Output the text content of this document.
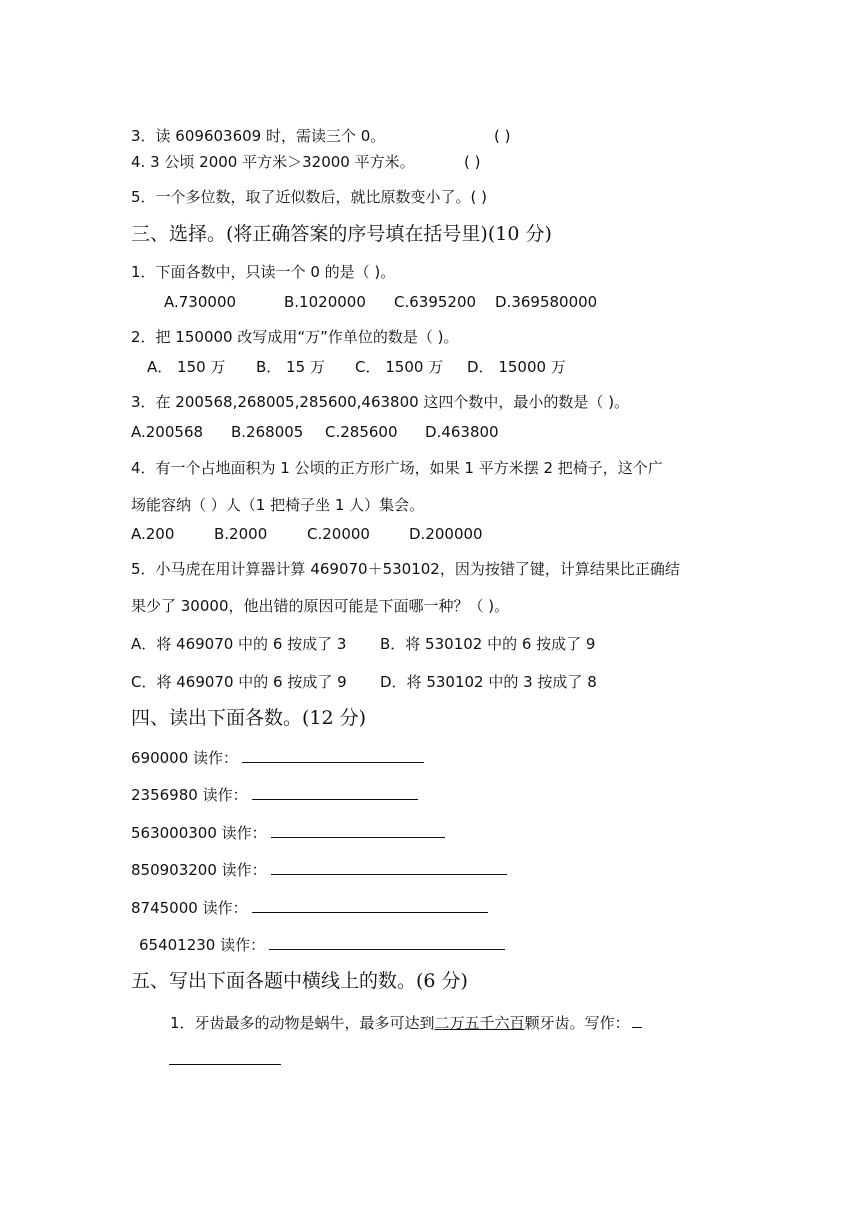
3．读 609603609 时，需读三个 0。	( )
4. 3 公顷 2000 平方米＞32000 平方米。	( )
5．一个多位数，取了近似数后，就比原数变小了。( )
三、选择。(将正确答案的序号填在括号里)(10 分)
1．下面各数中，只读一个 0 的是（ )。
A.730000	B.1020000 C.6395200 D.369580000
2．把 150000 改写成用“万”作单位的数是（ )。
A． 150 万 B． 15 万 C． 1500 万 D． 15000 万
3．在 200568,268005,285600,463800 这四个数中，最小的数是（ )。
A.200568 B.268005 C.285600 D.463800
4．有一个占地面积为 1 公顷的正方形广场，如果 1 平方米摆 2 把椅子，这个广
场能容纳（ ）人（1 把椅子坐 1 人）集会。
A.200	B.2000	C.20000	D.200000
5．小马虎在用计算器计算 469070＋530102，因为按错了键，计算结果比正确结
果少了 30000，他出错的原因可能是下面哪一种？（ )。
A．将 469070 中的 6 按成了 3 B．将 530102 中的 6 按成了 9
C．将 469070 中的 6 按成了 9 D．将 530102 中的 3 按成了 8
四、读出下面各数。(12 分)
690000 读作：
2356980 读作：
563000300 读作：
850903200 读作：
8745000 读作：
65401230 读作：
五、写出下面各题中横线上的数。(6 分)
1．牙齿最多的动物是蜗牛，最多可达到二万五千六百颗牙齿。写作：
